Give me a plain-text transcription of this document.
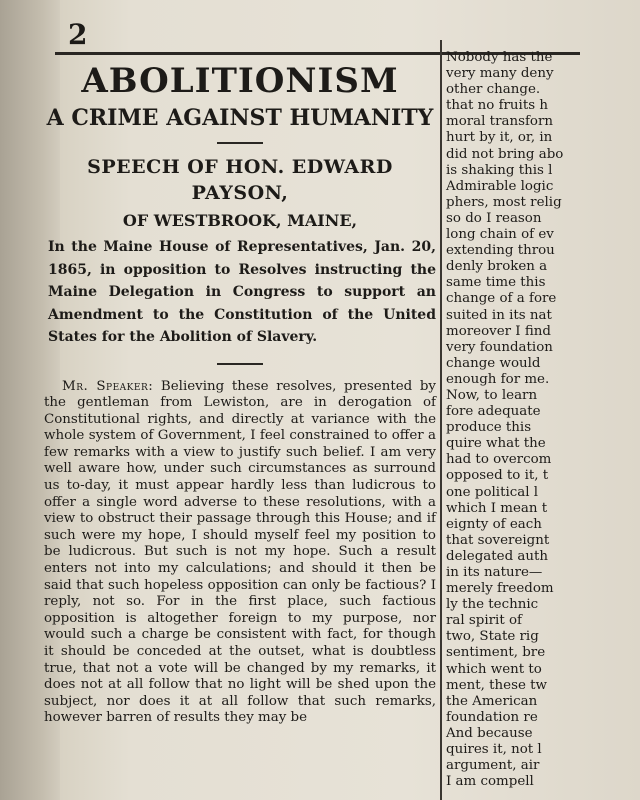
2
ABOLITIONISM
A CRIME AGAINST HUMANITY
SPEECH OF HON. EDWARD PAYSON,
OF WESTBROOK, MAINE,

In the Maine House of Representatives, Jan. 20, 1865, in opposition to Resolves instructing the Maine Delegation in Congress to support an Amendment to the Constitution of the United States for the Abolition of Slavery.

Mr. Speaker: Believing these resolves, presented by the gentleman from Lewiston, are in derogation of Constitutional rights, and directly at variance with the whole system of Government, I feel constrained to offer a few remarks with a view to justify such belief. I am very well aware how, under such circumstances as surround us to-day, it must appear hardly less than ludicrous to offer a single word adverse to these resolutions, with a view to obstruct their passage through this House; and if such were my hope, I should myself feel my position to be ludicrous. But such is not my hope. Such a result enters not into my calculations; and should it then be said that such hopeless opposition can only be factious? I reply, not so. For in the first place, such factious opposition is altogether foreign to my purpose, nor would such a charge be consistent with fact, for though it should be conceded at the outset, what is doubtless true, that not a vote will be changed by my remarks, it does not at all follow that no light will be shed upon the subject, nor does it at all follow that such remarks, however barren of results they may be

Nobody has the
very many deny
other change.
that no fruits h
moral transforn
hurt by it, or, in
did not bring abo
is shaking this l
Admirable logic
phers, most relig
so do I reason
long chain of ev
extending throu
denly broken a
same time this
change of a fore
suited in its nat
moreover I find
very foundation
change would
enough for me.
Now, to learn
fore adequate
produce this
quire what the
had to overcom
opposed to it, t
one political l
which I mean t
eignty of each
that sovereignt
delegated auth
in its nature—
merely freedom
ly the technic
ral spirit of
two, State rig
sentiment, bre
which went to
ment, these tw
the American
foundation re
And because
quires it, not l
argument, air
I am compell
